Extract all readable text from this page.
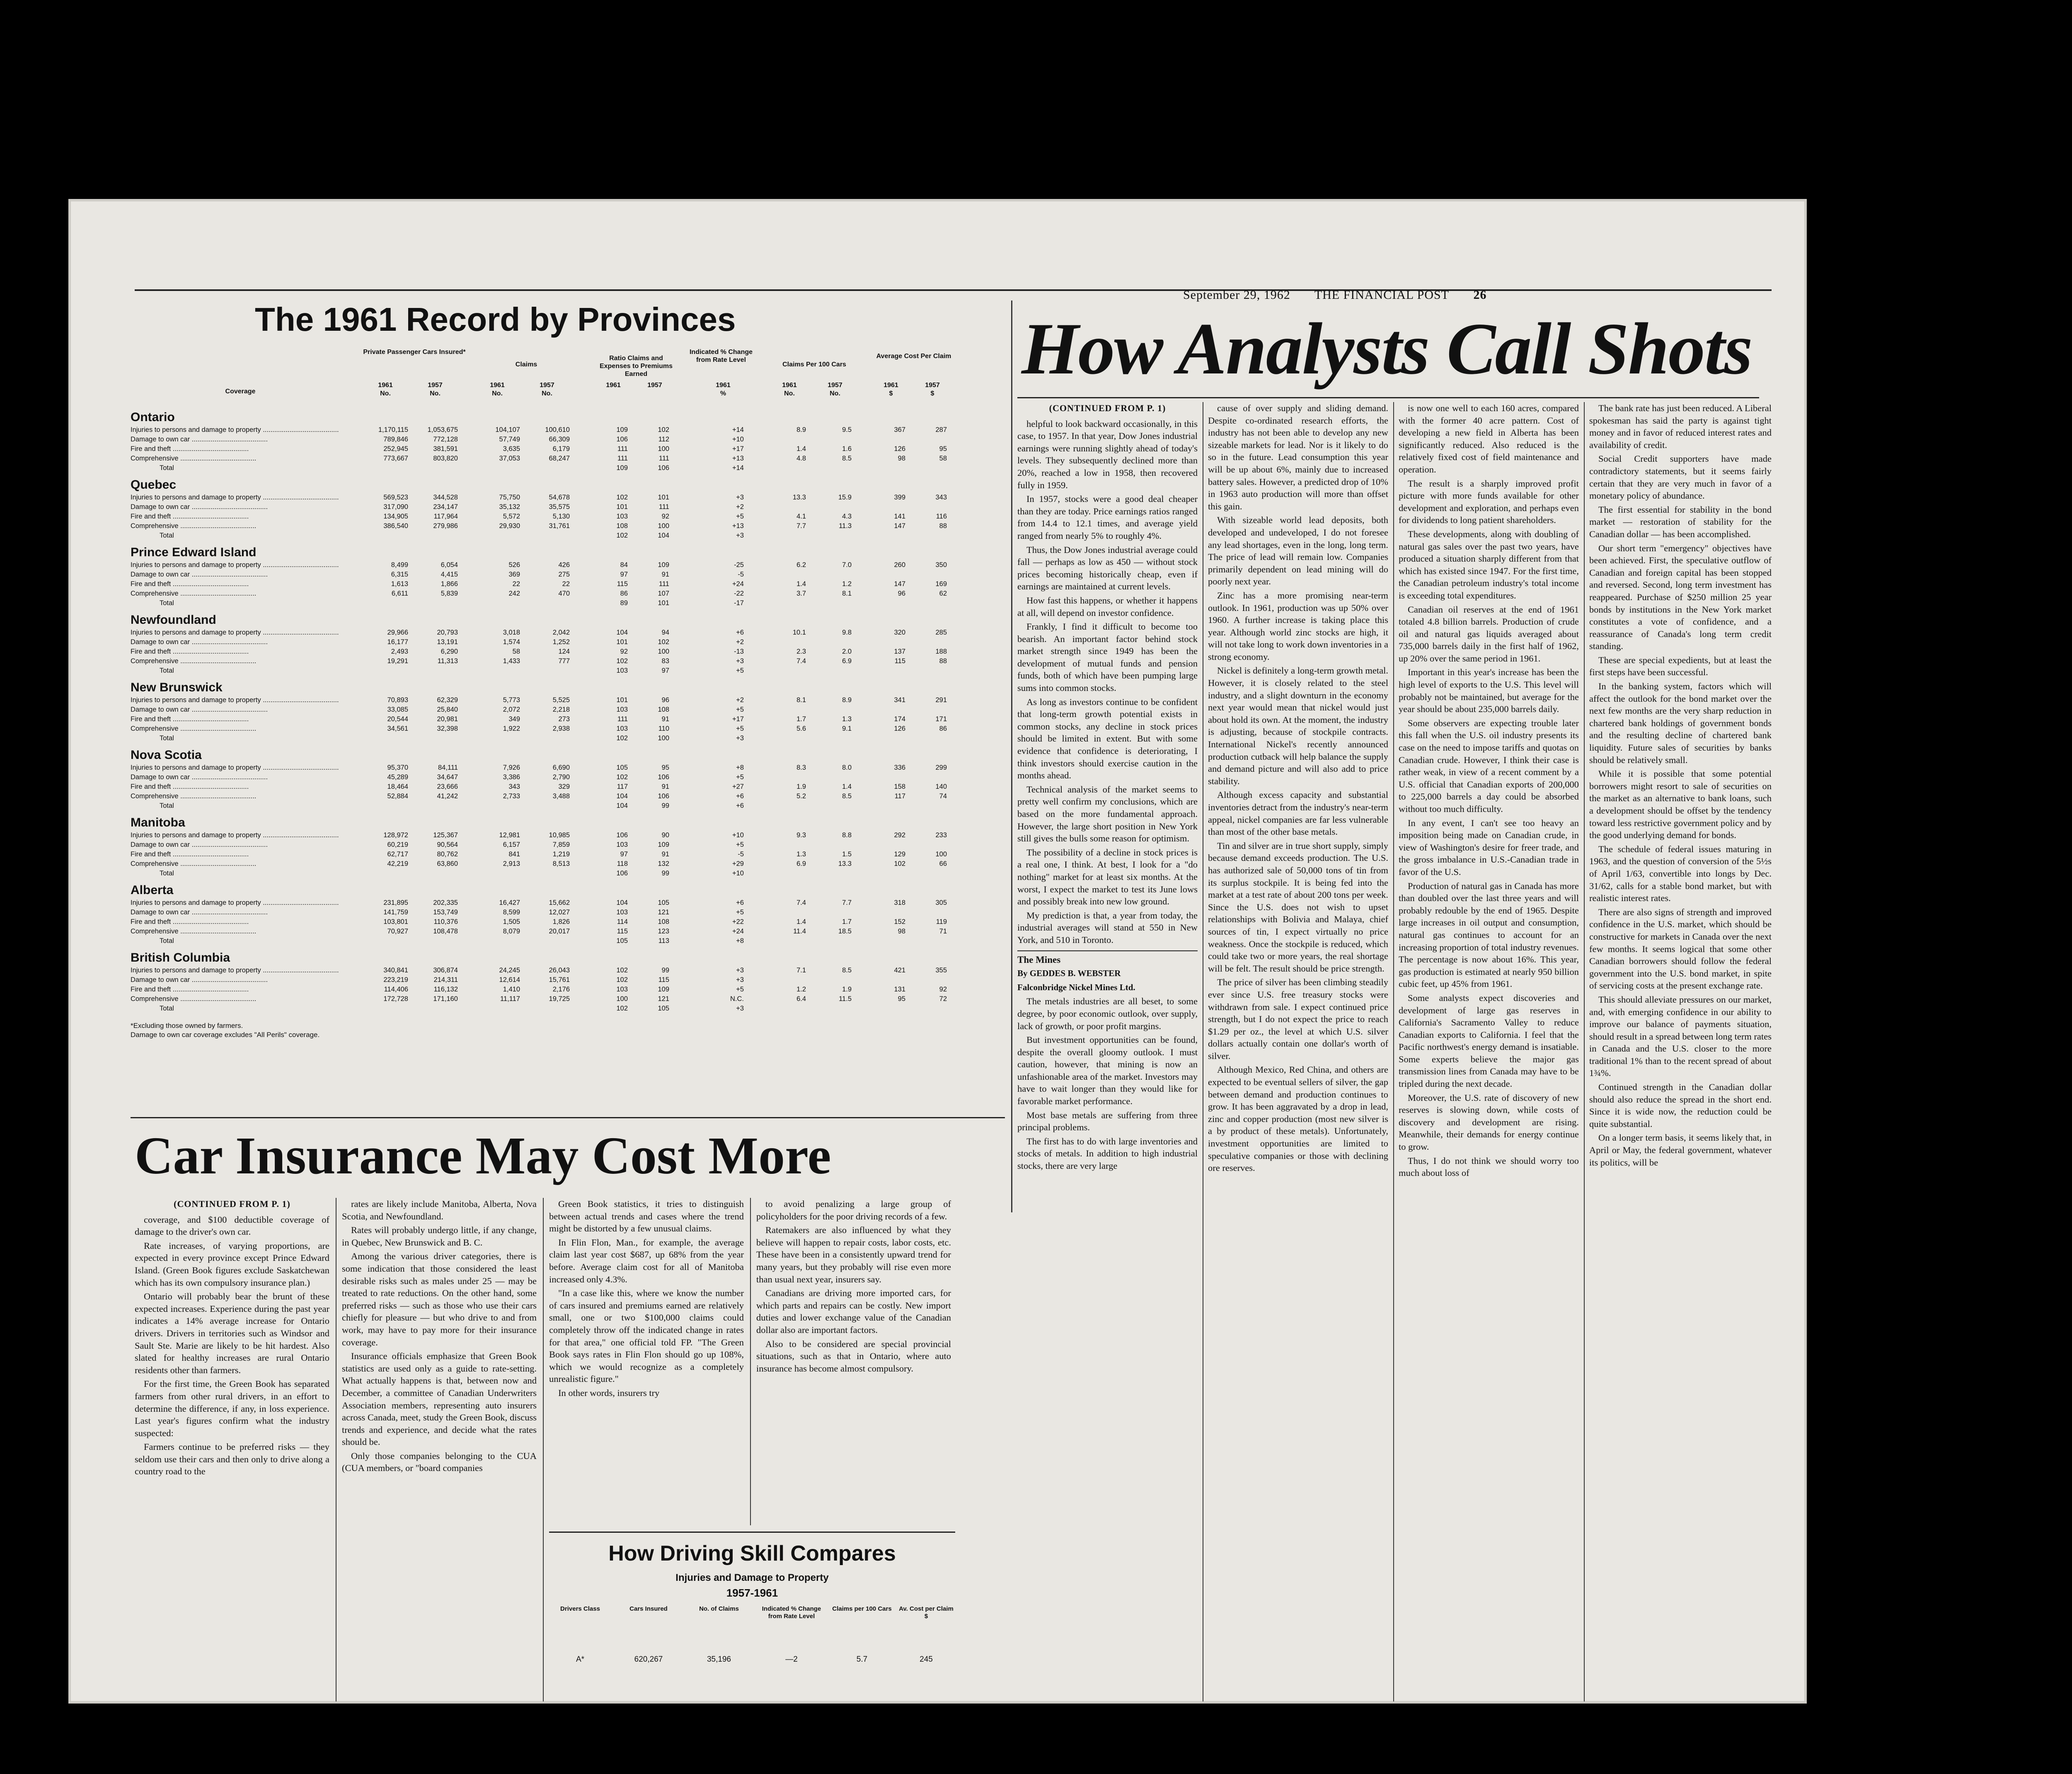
September 29, 1962 THE FINANCIAL POST 26
The 1961 Record by Provinces
Coverage
Private Passenger Cars Insured*
Claims
Ratio Claims and Expenses to Premiums Earned
Indicated % Change from Rate Level
Claims Per 100 Cars
Average Cost Per Claim
1961	1957	1961	1957	1961	1957	1961	1961	1957	1961	1957
No.	No.	No.	No.	%	No.	No.	$	$
Ontario
Injuries to persons and damage to property ........................................	1,170,115	1,053,675	104,107	100,610	109	102	+14	8.9	9.5	367	287
Damage to own car ........................................	789,846	772,128	57,749	66,309	106	112	+10
Fire and theft ........................................	252,945	381,591	3,635	6,179	111	100	+17	1.4	1.6	126	95
Comprehensive ........................................	773,667	803,820	37,053	68,247	111	111	+13	4.8	8.5	98	58
Total	109	106	+14
Quebec
Injuries to persons and damage to property ........................................	569,523	344,528	75,750	54,678	102	101	+3	13.3	15.9	399	343
Damage to own car ........................................	317,090	234,147	35,132	35,575	101	111	+2
Fire and theft ........................................	134,905	117,964	5,572	5,130	103	92	+5	4.1	4.3	141	116
Comprehensive ........................................	386,540	279,986	29,930	31,761	108	100	+13	7.7	11.3	147	88
Total	102	104	+3
Prince Edward Island
Injuries to persons and damage to property ........................................	8,499	6,054	526	426	84	109	-25	6.2	7.0	260	350
Damage to own car ........................................	6,315	4,415	369	275	97	91	-5
Fire and theft ........................................	1,613	1,866	22	22	115	111	+24	1.4	1.2	147	169
Comprehensive ........................................	6,611	5,839	242	470	86	107	-22	3.7	8.1	96	62
Total	89	101	-17
Newfoundland
Injuries to persons and damage to property ........................................	29,966	20,793	3,018	2,042	104	94	+6	10.1	9.8	320	285
Damage to own car ........................................	16,177	13,191	1,574	1,252	101	102	+2
Fire and theft ........................................	2,493	6,290	58	124	92	100	-13	2.3	2.0	137	188
Comprehensive ........................................	19,291	11,313	1,433	777	102	83	+3	7.4	6.9	115	88
Total	103	97	+5
New Brunswick
Injuries to persons and damage to property ........................................	70,893	62,329	5,773	5,525	101	96	+2	8.1	8.9	341	291
Damage to own car ........................................	33,085	25,840	2,072	2,218	103	108	+5
Fire and theft ........................................	20,544	20,981	349	273	111	91	+17	1.7	1.3	174	171
Comprehensive ........................................	34,561	32,398	1,922	2,938	103	110	+5	5.6	9.1	126	86
Total	102	100	+3
Nova Scotia
Injuries to persons and damage to property ........................................	95,370	84,111	7,926	6,690	105	95	+8	8.3	8.0	336	299
Damage to own car ........................................	45,289	34,647	3,386	2,790	102	106	+5
Fire and theft ........................................	18,464	23,666	343	329	117	91	+27	1.9	1.4	158	140
Comprehensive ........................................	52,884	41,242	2,733	3,488	104	106	+6	5.2	8.5	117	74
Total	104	99	+6
Manitoba
Injuries to persons and damage to property ........................................	128,972	125,367	12,981	10,985	106	90	+10	9.3	8.8	292	233
Damage to own car ........................................	60,219	90,564	6,157	7,859	103	109	+5
Fire and theft ........................................	62,717	80,762	841	1,219	97	91	-5	1.3	1.5	129	100
Comprehensive ........................................	42,219	63,860	2,913	8,513	118	132	+29	6.9	13.3	102	66
Total	106	99	+10
Alberta
Injuries to persons and damage to property ........................................	231,895	202,335	16,427	15,662	104	105	+6	7.4	7.7	318	305
Damage to own car ........................................	141,759	153,749	8,599	12,027	103	121	+5
Fire and theft ........................................	103,801	110,376	1,505	1,826	114	108	+22	1.4	1.7	152	119
Comprehensive ........................................	70,927	108,478	8,079	20,017	115	123	+24	11.4	18.5	98	71
Total	105	113	+8
British Columbia
Injuries to persons and damage to property ........................................	340,841	306,874	24,245	26,043	102	99	+3	7.1	8.5	421	355
Damage to own car ........................................	223,219	214,311	12,614	15,761	102	115	+3
Fire and theft ........................................	114,406	116,132	1,410	2,176	103	109	+5	1.2	1.9	131	92
Comprehensive ........................................	172,728	171,160	11,117	19,725	100	121	N.C.	6.4	11.5	95	72
Total	102	105	+3
*Excluding those owned by farmers.
Damage to own car coverage excludes "All Perils" coverage.
Car Insurance May Cost More

(CONTINUED FROM P. 1)

coverage, and $100 deductible coverage of damage to the driver's own car.

Rate increases, of varying proportions, are expected in every province except Prince Edward Island. (Green Book figures exclude Saskatchewan which has its own compulsory insurance plan.)

Ontario will probably bear the brunt of these expected increases. Experience during the past year indicates a 14% average increase for Ontario drivers. Drivers in territories such as Windsor and Sault Ste. Marie are likely to be hit hardest. Also slated for healthy increases are rural Ontario residents other than farmers.

For the first time, the Green Book has separated farmers from other rural drivers, in an effort to determine the difference, if any, in loss experience. Last year's figures confirm what the industry suspected:

Farmers continue to be preferred risks — they seldom use their cars and then only to drive along a country road to the

rates are likely include Manitoba, Alberta, Nova Scotia, and Newfoundland.

Rates will probably undergo little, if any change, in Quebec, New Brunswick and B. C.

Among the various driver categories, there is some indication that those considered the least desirable risks such as males under 25 — may be treated to rate reductions. On the other hand, some preferred risks — such as those who use their cars chiefly for pleasure — but who drive to and from work, may have to pay more for their insurance coverage.

Insurance officials emphasize that Green Book statistics are used only as a guide to rate-setting. What actually happens is that, between now and December, a committee of Canadian Underwriters Association members, representing auto insurers across Canada, meet, study the Green Book, discuss trends and experience, and decide what the rates should be.

Only those companies belonging to the CUA (CUA members, or "board companies

Green Book statistics, it tries to distinguish between actual trends and cases where the trend might be distorted by a few unusual claims.

In Flin Flon, Man., for example, the average claim last year cost $687, up 68% from the year before. Average claim cost for all of Manitoba increased only 4.3%.

"In a case like this, where we know the number of cars insured and premiums earned are relatively small, one or two $100,000 claims could completely throw off the indicated change in rates for that area," one official told FP. "The Green Book says rates in Flin Flon should go up 108%, which we would recognize as a completely unrealistic figure."

In other words, insurers try

to avoid penalizing a large group of policyholders for the poor driving records of a few.

Ratemakers are also influenced by what they believe will happen to repair costs, labor costs, etc. These have been in a consistently upward trend for many years, but they probably will rise even more than usual next year, insurers say.

Canadians are driving more imported cars, for which parts and repairs can be costly. New import duties and lower exchange value of the Canadian dollar also are important factors.

Also to be considered are special provincial situations, such as that in Ontario, where auto insurance has become almost compulsory.

How Driving Skill Compares
Injuries and Damage to Property
1957-1961
Drivers Class	Cars Insured	No. of Claims	Indicated % Change from Rate Level
Claims per 100 Cars Av. Cost per Claim $
A*	620,267	35,196	—2	5.7	245
How Analysts Call Shots

(CONTINUED FROM P. 1)

helpful to look backward occasionally, in this case, to 1957. In that year, Dow Jones industrial earnings were running slightly ahead of today's levels. They subsequently declined more than 20%, reached a low in 1958, then recovered fully in 1959.

In 1957, stocks were a good deal cheaper than they are today. Price earnings ratios ranged from 14.4 to 12.1 times, and average yield ranged from nearly 5% to roughly 4%.

Thus, the Dow Jones industrial average could fall — perhaps as low as 450 — without stock prices becoming historically cheap, even if earnings are maintained at current levels.

How fast this happens, or whether it happens at all, will depend on investor confidence.

Frankly, I find it difficult to become too bearish. An important factor behind stock market strength since 1949 has been the development of mutual funds and pension funds, both of which have been pumping large sums into common stocks.

As long as investors continue to be confident that long-term growth potential exists in common stocks, any decline in stock prices should be limited in extent. But with some evidence that confidence is deteriorating, I think investors should exercise caution in the months ahead.

Technical analysis of the market seems to pretty well confirm my conclusions, which are based on the more fundamental approach. However, the large short position in New York still gives the bulls some reason for optimism.

The possibility of a decline in stock prices is a real one, I think. At best, I look for a "do nothing" market for at least six months. At the worst, I expect the market to test its June lows and possibly break into new low ground.

My prediction is that, a year from today, the industrial averages will stand at 550 in New York, and 510 in Toronto.

The Mines

By GEDDES B. WEBSTER

Falconbridge Nickel Mines Ltd.

The metals industries are all beset, to some degree, by poor economic outlook, over supply, lack of growth, or poor profit margins.

But investment opportunities can be found, despite the overall gloomy outlook. I must caution, however, that mining is now an unfashionable area of the market. Investors may have to wait longer than they would like for favorable market performance.

Most base metals are suffering from three principal problems.

The first has to do with large inventories and stocks of metals. In addition to high industrial stocks, there are very large

cause of over supply and sliding demand. Despite co-ordinated research efforts, the industry has not been able to develop any new sizeable markets for lead. Nor is it likely to do so in the future. Lead consumption this year will be up about 6%, mainly due to increased battery sales. However, a predicted drop of 10% in 1963 auto production will more than offset this gain.

With sizeable world lead deposits, both developed and undeveloped, I do not foresee any lead shortages, even in the long, long term. The price of lead will remain low. Companies primarily dependent on lead mining will do poorly next year.

Zinc has a more promising near-term outlook. In 1961, production was up 50% over 1960. A further increase is taking place this year. Although world zinc stocks are high, it will not take long to work down inventories in a strong economy.

Nickel is definitely a long-term growth metal. However, it is closely related to the steel industry, and a slight downturn in the economy next year would mean that nickel would just about hold its own. At the moment, the industry is adjusting, because of stockpile contracts. International Nickel's recently announced production cutback will help balance the supply and demand picture and will also add to price stability.

Although excess capacity and substantial inventories detract from the industry's near-term appeal, nickel companies are far less vulnerable than most of the other base metals.

Tin and silver are in true short supply, simply because demand exceeds production. The U.S. has authorized sale of 50,000 tons of tin from its surplus stockpile. It is being fed into the market at a test rate of about 200 tons per week. Since the U.S. does not wish to upset relationships with Bolivia and Malaya, chief sources of tin, I expect virtually no price weakness. Once the stockpile is reduced, which could take two or more years, the real shortage will be felt. The result should be price strength.

The price of silver has been climbing steadily ever since U.S. free treasury stocks were withdrawn from sale. I expect continued price strength, but I do not expect the price to reach $1.29 per oz., the level at which U.S. silver dollars actually contain one dollar's worth of silver.

Although Mexico, Red China, and others are expected to be eventual sellers of silver, the gap between demand and production continues to grow. It has been aggravated by a drop in lead, zinc and copper production (most new silver is a by product of these metals). Unfortunately, investment opportunities are limited to speculative companies or those with declining ore reserves.

is now one well to each 160 acres, compared with the former 40 acre pattern. Cost of developing a new field in Alberta has been significantly reduced. Also reduced is the relatively fixed cost of field maintenance and operation.

The result is a sharply improved profit picture with more funds available for other development and exploration, and perhaps even for dividends to long patient shareholders.

These developments, along with doubling of natural gas sales over the past two years, have produced a situation sharply different from that which has existed since 1947. For the first time, the Canadian petroleum industry's total income is exceeding total expenditures.

Canadian oil reserves at the end of 1961 totaled 4.8 billion barrels. Production of crude oil and natural gas liquids averaged about 735,000 barrels daily in the first half of 1962, up 20% over the same period in 1961.

Important in this year's increase has been the high level of exports to the U.S. This level will probably not be maintained, but average for the year should be about 235,000 barrels daily.

Some observers are expecting trouble later this fall when the U.S. oil industry presents its case on the need to impose tariffs and quotas on Canadian crude. However, I think their case is rather weak, in view of a recent comment by a U.S. official that Canadian exports of 200,000 to 225,000 barrels a day could be absorbed without too much difficulty.

In any event, I can't see too heavy an imposition being made on Canadian crude, in view of Washington's desire for freer trade, and the gross imbalance in U.S.-Canadian trade in favor of the U.S.

Production of natural gas in Canada has more than doubled over the last three years and will probably redouble by the end of 1965. Despite large increases in oil output and consumption, natural gas continues to account for an increasing proportion of total industry revenues. The percentage is now about 16%. This year, gas production is estimated at nearly 950 billion cubic feet, up 45% from 1961.

Some analysts expect discoveries and development of large gas reserves in California's Sacramento Valley to reduce Canadian exports to California. I feel that the Pacific northwest's energy demand is insatiable. Some experts believe the major gas transmission lines from Canada may have to be tripled during the next decade.

Moreover, the U.S. rate of discovery of new reserves is slowing down, while costs of discovery and development are rising. Meanwhile, their demands for energy continue to grow.

Thus, I do not think we should worry too much about loss of

The bank rate has just been reduced. A Liberal spokesman has said the party is against tight money and in favor of reduced interest rates and availability of credit.

Social Credit supporters have made contradictory statements, but it seems fairly certain that they are very much in favor of a monetary policy of abundance.

The first essential for stability in the bond market — restoration of stability for the Canadian dollar — has been accomplished.

Our short term "emergency" objectives have been achieved. First, the speculative outflow of Canadian and foreign capital has been stopped and reversed. Second, long term investment has reappeared. Purchase of $250 million 25 year bonds by institutions in the New York market constitutes a vote of confidence, and a reassurance of Canada's long term credit standing.

These are special expedients, but at least the first steps have been successful.

In the banking system, factors which will affect the outlook for the bond market over the next few months are the very sharp reduction in chartered bank holdings of government bonds and the resulting decline of chartered bank liquidity. Future sales of securities by banks should be relatively small.

While it is possible that some potential borrowers might resort to sale of securities on the market as an alternative to bank loans, such a development should be offset by the tendency toward less restrictive government policy and by the good underlying demand for bonds.

The schedule of federal issues maturing in 1963, and the question of conversion of the 5½s of April 1/63, convertible into longs by Dec. 31/62, calls for a stable bond market, but with realistic interest rates.

There are also signs of strength and improved confidence in the U.S. market, which should be constructive for markets in Canada over the next few months. It seems logical that some other Canadian borrowers should follow the federal government into the U.S. bond market, in spite of servicing costs at the present exchange rate.

This should alleviate pressures on our market, and, with emerging confidence in our ability to improve our balance of payments situation, should result in a spread between long term rates in Canada and the U.S. closer to the more traditional 1% than to the recent spread of about 1¾%.

Continued strength in the Canadian dollar should also reduce the spread in the short end. Since it is wide now, the reduction could be quite substantial.

On a longer term basis, it seems likely that, in April or May, the federal government, whatever its politics, will be
